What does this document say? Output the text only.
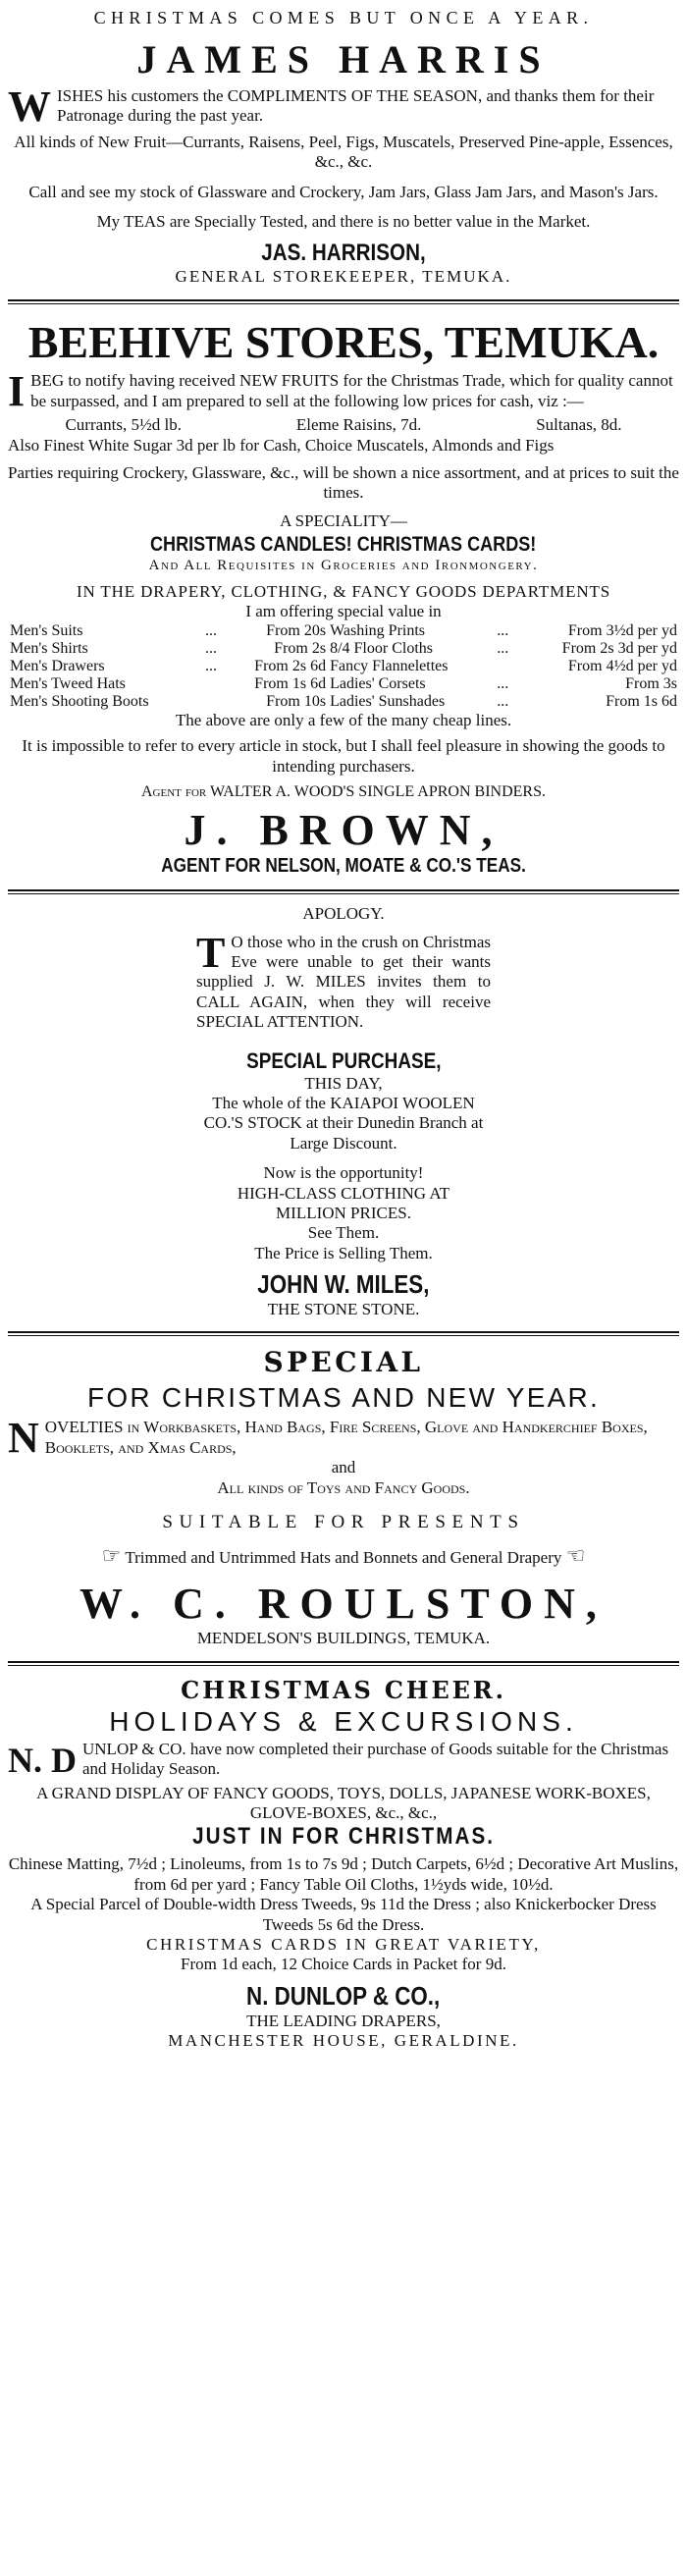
CHRISTMAS COMES BUT ONCE A YEAR.

JAMES HARRIS

W ISHES his customers the COMPLIMENTS OF THE SEASON, and thanks them for their Patronage during the past year.

All kinds of New Fruit—Currants, Raisens, Peel, Figs, Muscatels, Preserved Pine-apple, Essences, &c., &c.

Call and see my stock of Glassware and Crockery, Jam Jars, Glass Jam Jars, and Mason's Jars.

My TEAS are Specially Tested, and there is no better value in the Market.

JAS. HARRISON,

GENERAL STOREKEEPER, TEMUKA.

BEEHIVE STORES, TEMUKA.

I BEG to notify having received NEW FRUITS for the Christmas Trade, which for quality cannot be surpassed, and I am prepared to sell at the following low prices for cash, viz :—

Currants, 5½d lb.	Eleme Raisins, 7d.	Sultanas, 8d.

Also Finest White Sugar 3d per lb for Cash, Choice Muscatels, Almonds and Figs

Parties requiring Crockery, Glassware, &c., will be shown a nice assortment, and at prices to suit the times.

A SPECIALITY—

CHRISTMAS CANDLES! CHRISTMAS CARDS!

And All Requisites in Groceries and Ironmongery.

IN THE DRAPERY, CLOTHING, & FANCY GOODS DEPARTMENTS

I am offering special value in

Men's Suits	...	From 20s	Washing Prints	...	From 3½d per yd
Men's Shirts	...	From 2s	8/4 Floor Cloths	...	From 2s 3d per yd
Men's Drawers	...	From 2s 6d	Fancy Flannelettes		From 4½d per yd
Men's Tweed Hats		From 1s 6d	Ladies' Corsets	...	From 3s
Men's Shooting Boots		From 10s	Ladies' Sunshades	...	From 1s 6d

The above are only a few of the many cheap lines.

It is impossible to refer to every article in stock, but I shall feel pleasure in showing the goods to intending purchasers.

Agent for WALTER A. WOOD'S SINGLE APRON BINDERS.

J. BROWN,

AGENT FOR NELSON, MOATE & CO.'S TEAS.

APOLOGY.

T O those who in the crush on Christmas Eve were unable to get their wants supplied J. W. MILES invites them to CALL AGAIN, when they will receive SPECIAL ATTENTION.

SPECIAL PURCHASE,

THIS DAY,

The whole of the KAIAPOI WOOLEN CO.'S STOCK at their Dunedin Branch at Large Discount.

Now is the opportunity!

HIGH-CLASS CLOTHING AT

MILLION PRICES.

See Them.

The Price is Selling Them.

JOHN W. MILES,

THE STONE STONE.

SPECIAL

FOR CHRISTMAS AND NEW YEAR.

N OVELTIES in Workbaskets, Hand Bags, Fire Screens, Glove and Handkerchief Boxes, Booklets, and Xmas Cards,

and

All kinds of Toys and Fancy Goods.

SUITABLE FOR PRESENTS

☞ Trimmed and Untrimmed Hats and Bonnets and General Drapery ☜

W. C. ROULSTON,

MENDELSON'S BUILDINGS, TEMUKA.

CHRISTMAS CHEER.

HOLIDAYS & EXCURSIONS.

N. D UNLOP & CO. have now completed their purchase of Goods suitable for the Christmas and Holiday Season.

A GRAND DISPLAY OF FANCY GOODS, TOYS, DOLLS, JAPANESE WORK-BOXES, GLOVE-BOXES, &c., &c.,

JUST IN FOR CHRISTMAS.

Chinese Matting, 7½d ; Linoleums, from 1s to 7s 9d ; Dutch Carpets, 6½d ; Decorative Art Muslins, from 6d per yard ; Fancy Table Oil Cloths, 1½yds wide, 10½d.

A Special Parcel of Double-width Dress Tweeds, 9s 11d the Dress ; also Knickerbocker Dress Tweeds 5s 6d the Dress.

CHRISTMAS CARDS IN GREAT VARIETY,

From 1d each, 12 Choice Cards in Packet for 9d.

N. DUNLOP & CO.,

THE LEADING DRAPERS,

MANCHESTER HOUSE, GERALDINE.
